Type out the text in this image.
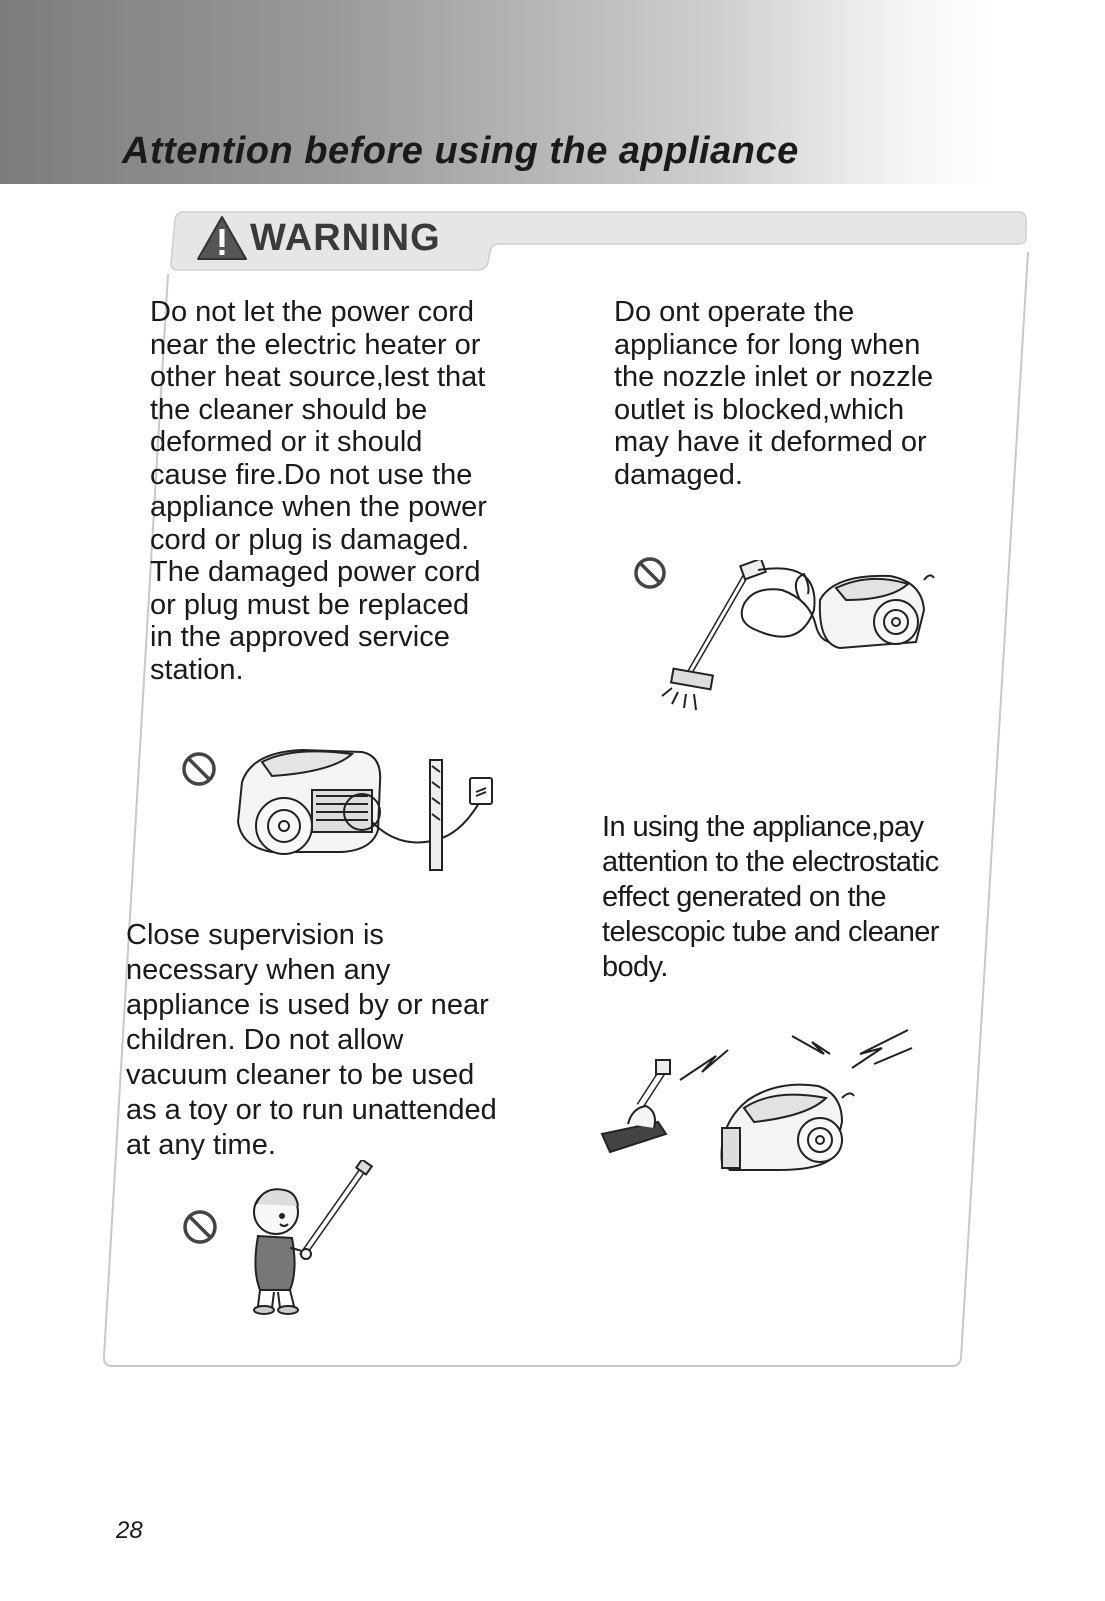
Attention before using the appliance
WARNING

Do not let the power cord
near the electric heater or
other heat source,lest that
the cleaner should be
deformed or it should
cause fire.Do not use the
appliance when the power
cord or plug is damaged.
The damaged power cord
or plug must be replaced
in the approved service
station.

Do ont operate the
appliance for long when
the nozzle inlet or nozzle
outlet is blocked,which
may have it deformed or
damaged.

Close supervision is
necessary when any
appliance is used by or near
children. Do not allow
vacuum cleaner to be used
as a toy or to run unattended
at any time.

In using the appliance,pay
attention to the electrostatic
effect generated on the
telescopic tube and cleaner
body.

28
